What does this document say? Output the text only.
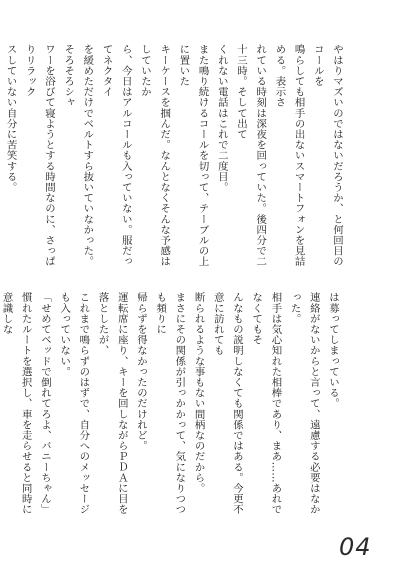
やはりマズいのではないだろうか、と何回目のコールを

鳴らしても相手の出ないスマートフォンを見詰める。表示さ

れている時刻は深夜を回っていた。後四分で二十三時。そして出て

くれない電話はこれで二度目。

また鳴り続けるコールを切って、テーブルの上に置いた

キーケースを掴んだ。なんとなくそんな予感はしていたか

ら、今日はアルコールも入っていない。服だってネクタイ

を緩めただけでベルトすら抜いていなかった。そろそろシャ

ワーを浴びて寝ようとする時間なのに、さっぱりリラック

スしていない自分に苦笑する。

は募ってしまっている。

連絡がないからと言って、遠慮する必要はなかった。

相手は気心知れた相棒であり、まあ……あれでなくてもそ

んなもの説明しなくても関係ではある。今更不意に訪れても

断られるような事もない間柄なのだから。

まさにその関係が引っかかって、気になりつつも頻りに

帰らずを得なかったのだけれど。

運転席に座り、キーを回しながらＰＤＡに目を落としたが、

これまで鳴らずのはずで、自分へのメッセージも入っていない。

「せめてベッドで倒れてろよ、バニーちゃん」

慣れたルートを選択し、車を走らせると同時に意識しな

04
